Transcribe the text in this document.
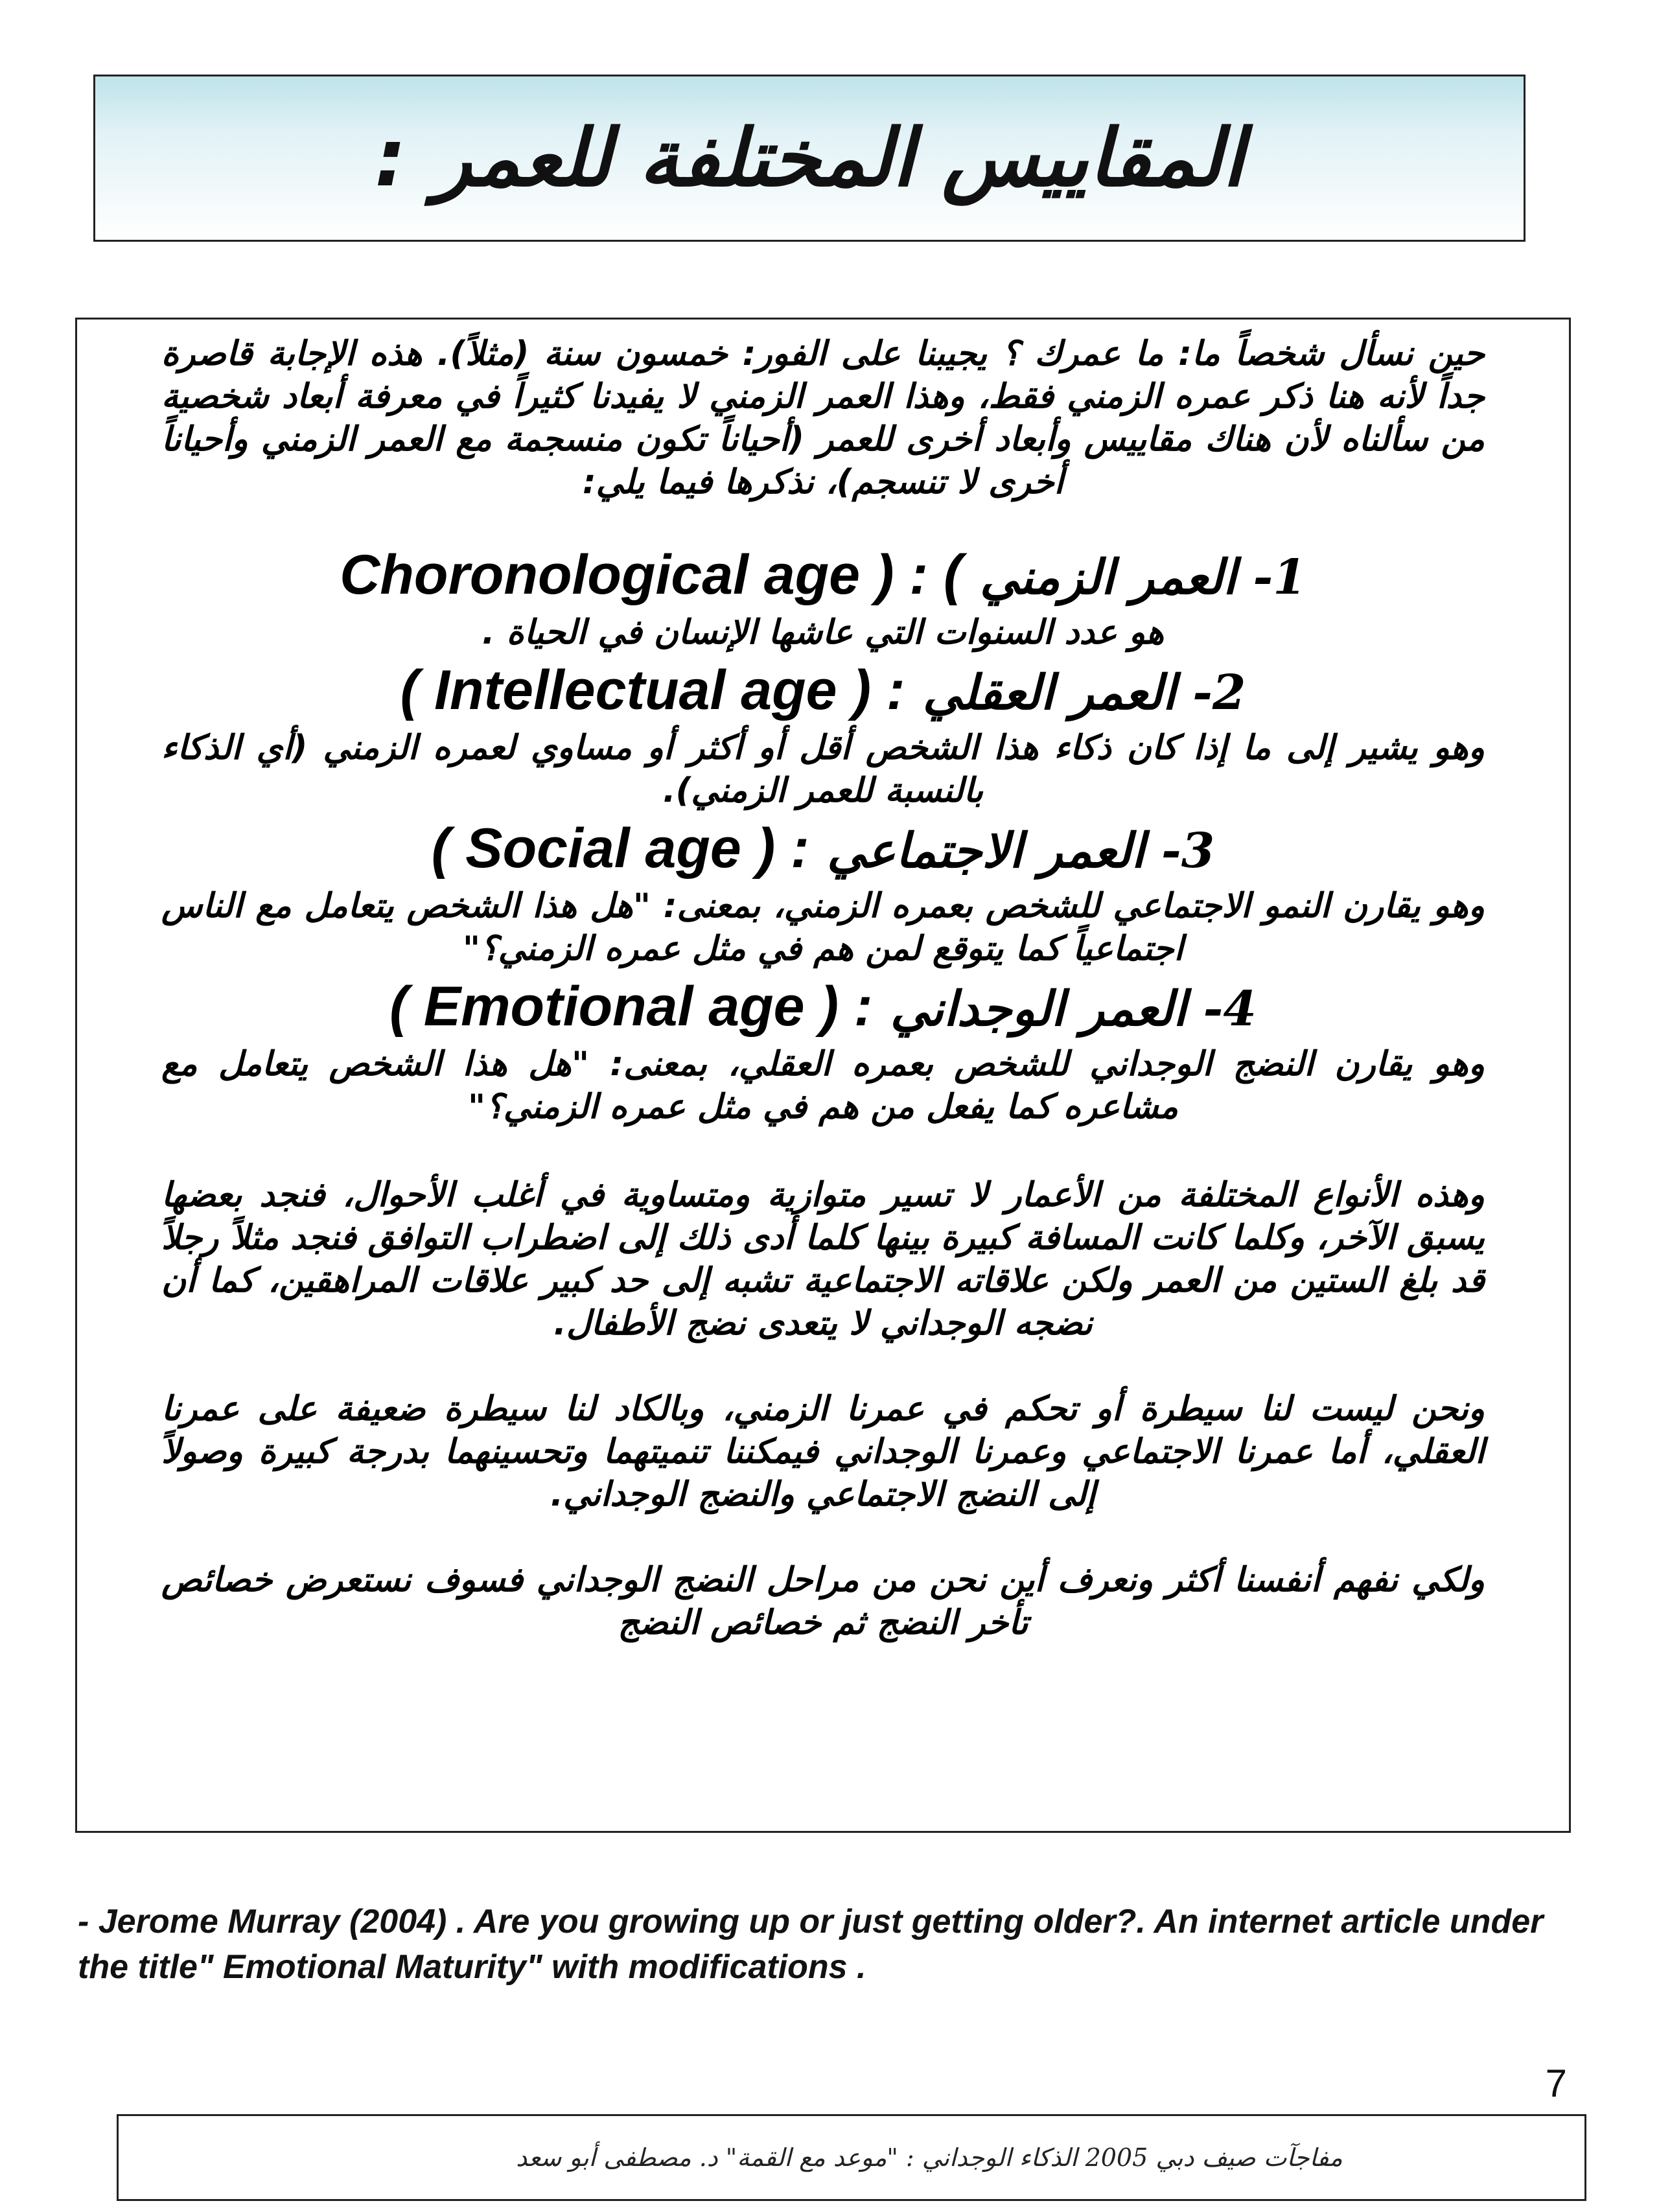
المقاييس المختلفة للعمر :

حين نسأل شخصاً ما: ما عمرك ؟ يجيبنا على الفور: خمسون سنة (مثلاً). هذه الإجابة قاصرة جداً لأنه هنا ذكر عمره الزمني فقط، وهذا العمر الزمني لا يفيدنا كثيراً في معرفة أبعاد شخصية من سألناه لأن هناك مقاييس وأبعاد أخرى للعمر (أحياناً تكون منسجمة مع العمر الزمني وأحياناً أخرى لا تنسجم)، نذكرها فيما يلي:

Choronological age ) : ( 1- العمر الزمني

هو عدد السنوات التي عاشها الإنسان في الحياة .

( Intellectual age ) : 2- العمر العقلي

وهو يشير إلى ما إذا كان ذكاء هذا الشخص أقل أو أكثر أو مساوي لعمره الزمني (أي الذكاء بالنسبة للعمر الزمني).

( Social age ) : 3- العمر الاجتماعي

وهو يقارن النمو الاجتماعي للشخص بعمره الزمني، بمعنى: "هل هذا الشخص يتعامل مع الناس اجتماعياً كما يتوقع لمن هم في مثل عمره الزمني؟"

( Emotional age ) : 4- العمر الوجداني

وهو يقارن النضج الوجداني للشخص بعمره العقلي، بمعنى: "هل هذا الشخص يتعامل مع مشاعره كما يفعل من هم في مثل عمره الزمني؟"

وهذه الأنواع المختلفة من الأعمار لا تسير متوازية ومتساوية في أغلب الأحوال، فنجد بعضها يسبق الآخر، وكلما كانت المسافة كبيرة بينها كلما أدى ذلك إلى اضطراب التوافق فنجد مثلاً رجلاً قد بلغ الستين من العمر ولكن علاقاته الاجتماعية تشبه إلى حد كبير علاقات المراهقين، كما أن نضجه الوجداني لا يتعدى نضج الأطفال.

ونحن ليست لنا سيطرة أو تحكم في عمرنا الزمني، وبالكاد لنا سيطرة ضعيفة على عمرنا العقلي، أما عمرنا الاجتماعي وعمرنا الوجداني فيمكننا تنميتهما وتحسينهما بدرجة كبيرة وصولاً إلى النضج الاجتماعي والنضج الوجداني.

ولكي نفهم أنفسنا أكثر ونعرف أين نحن من مراحل النضج الوجداني فسوف نستعرض خصائص تأخر النضج ثم خصائص النضج

- Jerome Murray (2004) . Are you growing up or just getting older?. An internet article under the title" Emotional Maturity" with modifications .

7
مفاجآت صيف دبي 2005 الذكاء الوجداني : "موعد مع القمة" د. مصطفى أبو سعد
